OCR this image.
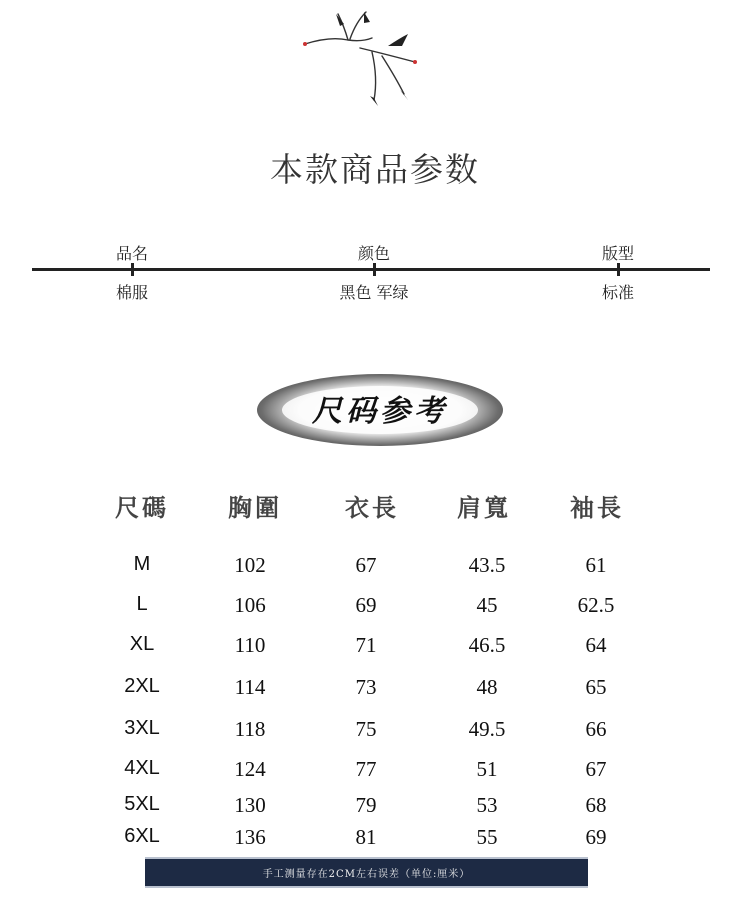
本款商品参数
品名	颜色	版型
棉服	黑色 军绿	标准
尺码参考
尺碼	胸圍	衣長	肩寬	袖長
M	102	67	43.5	61
L	106	69	45	62.5
XL	110	71	46.5	64
2XL	114	73	48	65
3XL	118	75	49.5	66
4XL	124	77	51	67
5XL	130	79	53	68
6XL	136	81	55	69
手工测量存在2CM左右误差（单位:厘米）
